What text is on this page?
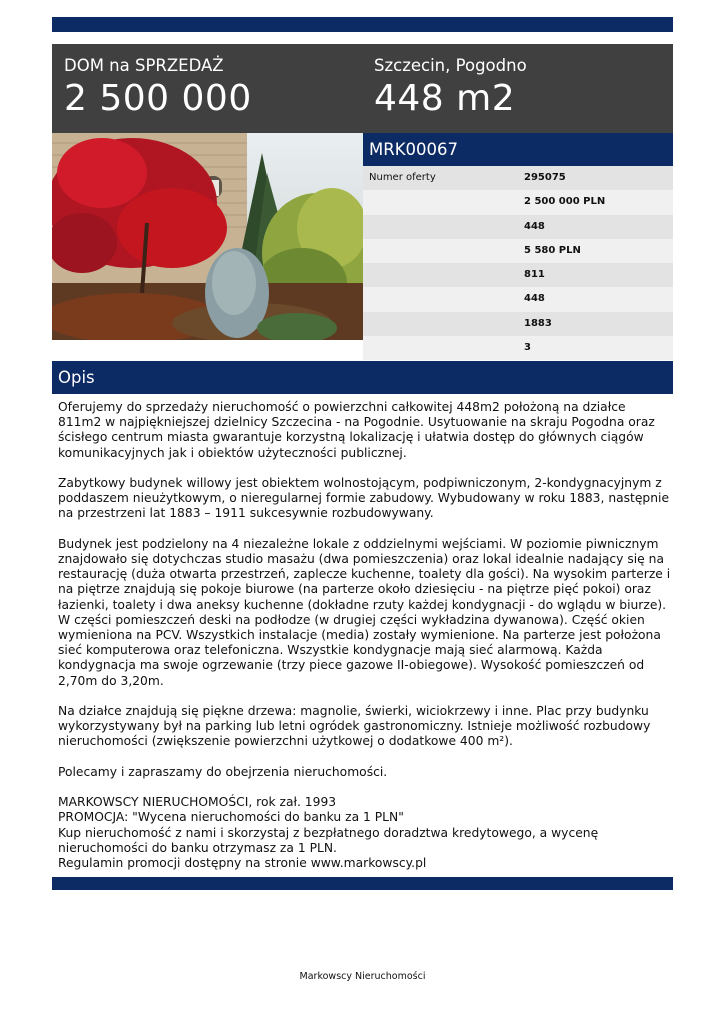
DOM na SPRZEDAŻ
2 500 000
Szczecin, Pogodno
448 m2
MRK00067
Numer oferty	295075
2 500 000 PLN
448
5 580 PLN
811
448
1883
3
Opis

Oferujemy do sprzedaży nieruchomość o powierzchni całkowitej 448m2 położoną na działce 811m2 w najpiękniejszej dzielnicy Szczecina - na Pogodnie. Usytuowanie na skraju Pogodna oraz ścisłego centrum miasta gwarantuje korzystną lokalizację i ułatwia dostęp do głównych ciągów komunikacyjnych jak i obiektów użyteczności publicznej.

Zabytkowy budynek willowy jest obiektem wolnostojącym, podpiwniczonym, 2-kondygnacyjnym z poddaszem nieużytkowym, o nieregularnej formie zabudowy. Wybudowany w roku 1883, następnie na przestrzeni lat 1883 – 1911 sukcesywnie rozbudowywany.

Budynek jest podzielony na 4 niezależne lokale z oddzielnymi wejściami. W poziomie piwnicznym znajdowało się dotychczas studio masażu (dwa pomieszczenia) oraz lokal idealnie nadający się na restaurację (duża otwarta przestrzeń, zaplecze kuchenne, toalety dla gości). Na wysokim parterze i na piętrze znajdują się pokoje biurowe (na parterze około dziesięciu - na piętrze pięć pokoi) oraz łazienki, toalety i dwa aneksy kuchenne (dokładne rzuty każdej kondygnacji - do wglądu w biurze). W części pomieszczeń deski na podłodze (w drugiej części wykładzina dywanowa). Część okien wymieniona na PCV. Wszystkich instalacje (media) zostały wymienione. Na parterze jest położona sieć komputerowa oraz telefoniczna. Wszystkie kondygnacje mają sieć alarmową. Każda kondygnacja ma swoje ogrzewanie (trzy piece gazowe II-obiegowe). Wysokość pomieszczeń od 2,70m do 3,20m.

Na działce znajdują się piękne drzewa: magnolie, świerki, wiciokrzewy i inne. Plac przy budynku wykorzystywany był na parking lub letni ogródek gastronomiczny. Istnieje możliwość rozbudowy nieruchomości (zwiększenie powierzchni użytkowej o dodatkowe 400 m²).

Polecamy i zapraszamy do obejrzenia nieruchomości.

MARKOWSCY NIERUCHOMOŚCI, rok zał. 1993
PROMOCJA: "Wycena nieruchomości do banku za 1 PLN"
Kup nieruchomość z nami i skorzystaj z bezpłatnego doradztwa kredytowego, a wycenę nieruchomości do banku otrzymasz za 1 PLN.
Regulamin promocji dostępny na stronie www.markowscy.pl
Markowscy Nieruchomości
